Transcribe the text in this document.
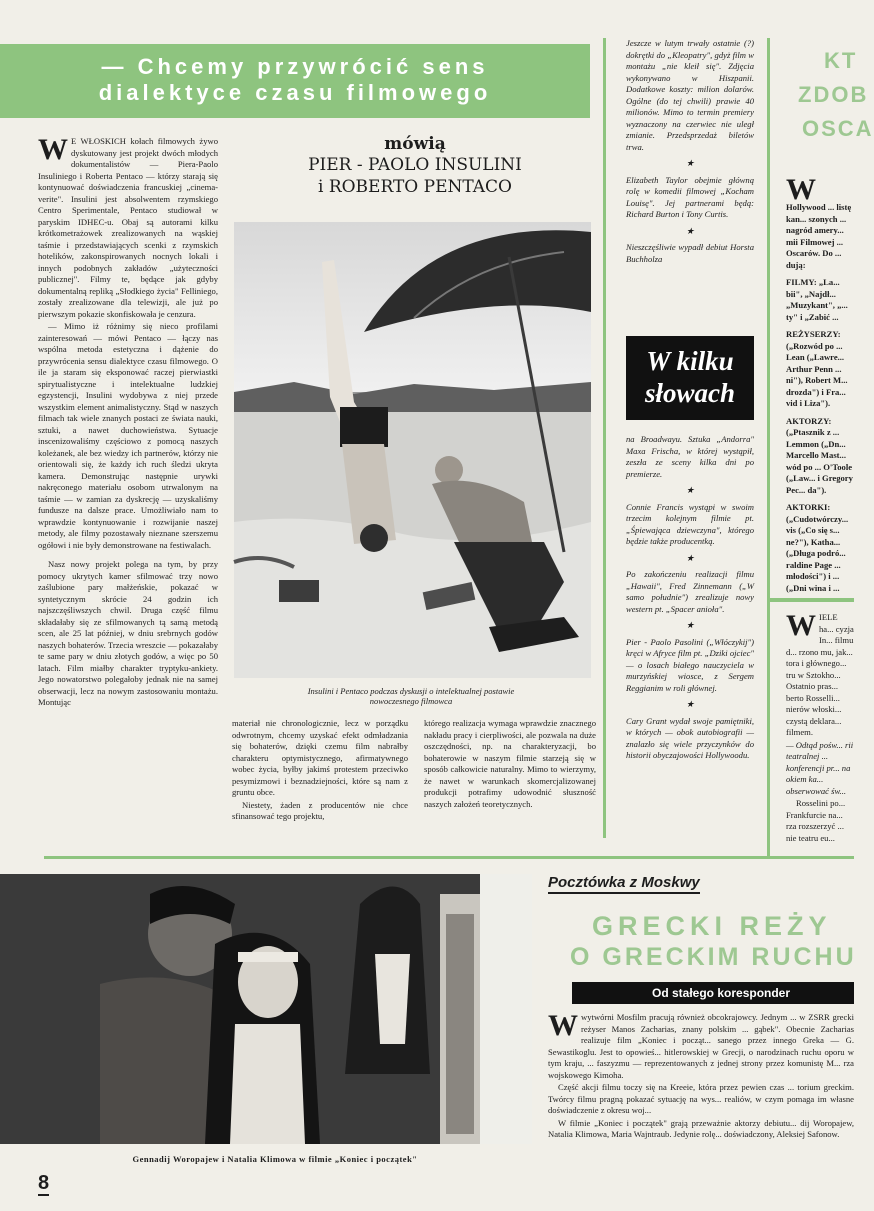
— Chcemy przywrócić sens
dialektyce czasu filmowego
mówią
PIER - PAOLO INSULINI
i ROBERTO PENTACO

W E WŁOSKICH kołach filmowych żywo dyskutowany jest projekt dwóch młodych dokumentalistów — Piera-Paolo Insuliniego i Roberta Pentaco — którzy starają się kontynuować doświadczenia francuskiej „cinema-verite". Insulini jest absolwentem rzymskiego Centro Sperimentale, Pentaco studiował w paryskim IDHEC-u. Obaj są autorami kilku krótkometrażowek zrealizowanych na wąskiej taśmie i przedstawiających scenki z rzymskich hotelików, zakonspirowanych nocnych lokali i innych podobnych zakładów „użyteczności publicznej". Filmy te, będące jak gdyby dokumentalną repliką „Słodkiego życia" Felliniego, zostały zrealizowane dla telewizji, ale już po pierwszym pokazie skonfiskowała je cenzura.

— Mimo iż różnimy się nieco profilami zainteresowań — mówi Pentaco — łączy nas wspólna metoda estetyczna i dążenie do przywrócenia sensu dialektyce czasu filmowego. O ile ja staram się eksponować raczej pierwiastki spirytualistyczne i intelektualne ludzkiej egzystencji, Insulini wydobywa z niej przede wszystkim element animalistyczny. Stąd w naszych filmach tak wiele znanych postaci ze świata nauki, sztuki, a nawet duchowieństwa. Sytuacje inscenizowaliśmy częściowo z pomocą naszych koleżanek, ale bez wiedzy ich partnerów, którzy nie orientowali się, że każdy ich ruch śledzi ukryta kamera. Demonstrując następnie urywki nakręconego materiału osobom utrwalonym na taśmie — w zamian za dyskrecję — uzyskaliśmy fundusze na dalsze prace. Umożliwiało nam to wprawdzie kontynuowanie i rozwijanie naszej metody, ale filmy pozostawały nieznane szerszemu ogółowi i nie były demonstrowane na festiwalach.

Nasz nowy projekt polega na tym, by przy pomocy ukrytych kamer sfilmować trzy nowo zaślubione pary małżeńskie, pokazać w syntetycznym skrócie 24 godzin ich najszczęśliwszych chwil. Druga część filmu składałaby się ze sfilmowanych tą samą metodą scen, ale 25 lat później, w dniu srebrnych godów naszych bohaterów. Trzecia wreszcie — pokazałaby te same pary w dniu złotych godów, a więc po 50 latach. Film miałby charakter tryptyku-ankiety. Jego nowatorstwo polegałoby jednak nie na samej obserwacji, lecz na nowym zastosowaniu montażu. Montując

Insulini i Pentaco podczas dyskusji o intelektualnej postawie nowoczesnego filmowca

materiał nie chronologicznie, lecz w porządku odwrotnym, chcemy uzyskać efekt odmładzania się bohaterów, dzięki czemu film nabrałby charakteru optymistycznego, afirmatywnego wobec życia, byłby jakimś protestem przeciwko pesymizmowi i beznadziejności, które są nam z gruntu obce.

Niestety, żaden z producentów nie chce sfinansować tego projektu,

którego realizacja wymaga wprawdzie znacznego nakładu pracy i cierpliwości, ale pozwala na duże oszczędności, np. na charakteryzacji, bo bohaterowie w naszym filmie starzeją się w sposób całkowicie naturalny. Mimo to wierzymy, że nawet w warunkach skomercjalizowanej produkcji potrafimy udowodnić słuszność naszych założeń teoretycznych.

Jeszcze w lutym trwały ostatnie (?) dokrętki do „Kleopatry", gdyż film w montażu „nie kleił się". Zdjęcia wykonywano w Hiszpanii. Dodatkowe koszty: milion dolarów. Ogólne (do tej chwili) prawie 40 milionów. Mimo to termin premiery wyznaczony na czerwiec nie uległ zmianie. Przedsprzedaż biletów trwa.

★

Elizabeth Taylor obejmie główną rolę w komedii filmowej „Kocham Louisę". Jej partnerami będą: Richard Burton i Tony Curtis.

★

Nieszczęśliwie wypadł debiut Horsta Buchholza

W kilku
słowach

na Broadwayu. Sztuka „Andorra" Maxa Frischa, w której wystąpił, zeszła ze sceny kilka dni po premierze.

★

Connie Francis wystąpi w swoim trzecim kolejnym filmie pt. „Śpiewająca dziewczyna", którego będzie także producentką.

★

Po zakończeniu realizacji filmu „Hawaii", Fred Zinnemann („W samo południe") zrealizuje nowy western pt. „Spacer anioła".

★

Pier - Paolo Pasolini („Włóczykij") kręci w Afryce film pt. „Dziki ojciec" — o losach białego nauczyciela w murzyńskiej wiosce, z Sergem Reggianim w roli głównej.

★

Cary Grant wydał swoje pamiętniki, w których — obok autobiografii — znalazło się wiele przyczynków do historii obyczajowości Hollywoodu.

KT
ZDOB
OSCA

W
Hollywood ... listę kan... szonych ... nagród amery... mii Filmowej ... Oscarów. Do ... dują:

FILMY: „La... bii", „Najdł... „Muzykant", „... ty" i „Zabić ...

REŻYSERZY: („Rozwód po ... Lean („Lawre... Arthur Penn ... ni"), Robert M... drozda") i Fra... vid i Liza").

AKTORZY: („Ptasznik z ... Lemmon („Dn... Marcello Mast... wód po ... O'Toole („Law... i Gregory Pec... da").

AKTORKI: („Cudotwórczy... vis („Co się s... ne?"), Katha... („Długa podró... raldine Page ... młodości") i ... („Dni wina i ...

WIELE ha... cyzja In... filmu d... rzono mu, jak... tora i głównego... tru w Sztokho... Ostatnio pras... berto Rosselli... nierów włoski... czystą deklara... filmem.

— Odtąd pośw... rii teatralnej ... konferencji pr... na okiem ka... obserwować św...

Rosselini po... Frankfurcie na... rza rozszerzyć ... nie teatru eu...

Gennadij Woropajew i Natalia Klimowa w filmie „Koniec i początek"
Pocztówka z Moskwy
GRECKI REŻY
O GRECKIM RUCHU
Od stałego koresponder

Wwytwórni Mosfilm pracują również obcokrajowcy. Jednym ... w ZSRR grecki reżyser Manos Zacharias, znany polskim ... gąbek". Obecnie Zacharias realizuje film „Koniec i począt... sanego przez innego Greka — G. Sewastikoglu. Jest to opowieś... hitlerowskiej w Grecji, o narodzinach ruchu oporu w tym kraju, ... faszyzmu — reprezentowanych z jednej strony przez komunistę M... rza wojskowego Kimoha.

Część akcji filmu toczy się na Kreeie, która przez pewien czas ... torium greckim. Twórcy filmu pragną pokazać sytuację na wys... realiów, w czym pomaga im własne doświadczenie z okresu woj...

W filmie „Koniec i początek" grają przeważnie aktorzy debiutu... dij Woropajew, Natalia Klimowa, Maria Wajntraub. Jedynie rolę... doświadczony, Aleksiej Safonow.

8
